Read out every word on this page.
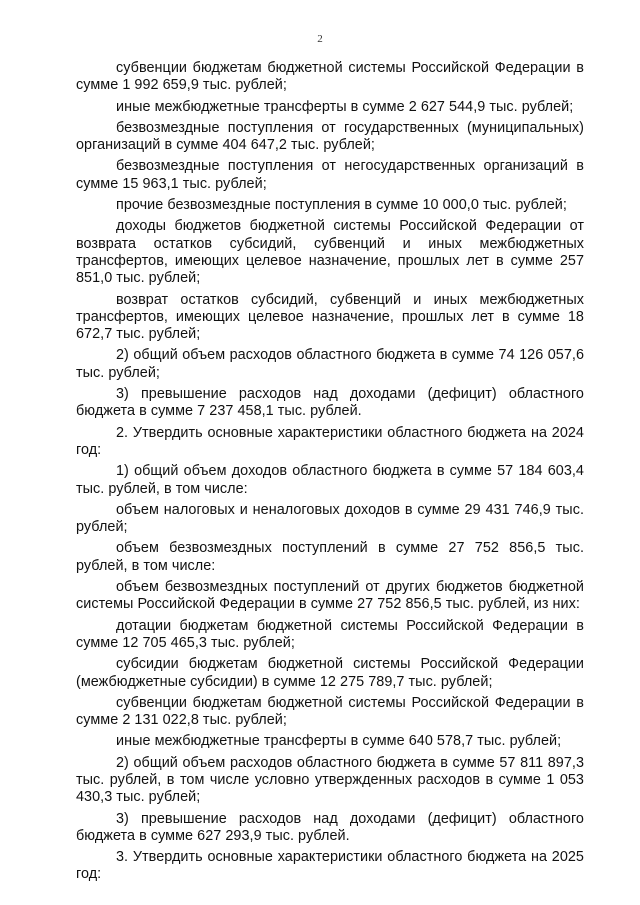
2

субвенции бюджетам бюджетной системы Российской Федерации в сумме 1 992 659,9 тыс. рублей;

иные межбюджетные трансферты в сумме 2 627 544,9 тыс. рублей;

безвозмездные поступления от государственных (муниципальных) организаций в сумме 404 647,2 тыс. рублей;

безвозмездные поступления от негосударственных организаций в сумме 15 963,1 тыс. рублей;

прочие безвозмездные поступления в сумме 10 000,0 тыс. рублей;

доходы бюджетов бюджетной системы Российской Федерации от возврата остатков субсидий, субвенций и иных межбюджетных трансфертов, имеющих целевое назначение, прошлых лет в сумме 257 851,0 тыс. рублей;

возврат остатков субсидий, субвенций и иных межбюджетных трансфертов, имеющих целевое назначение, прошлых лет в сумме 18 672,7 тыс. рублей;

2) общий объем расходов областного бюджета в сумме 74 126 057,6 тыс. рублей;

3) превышение расходов над доходами (дефицит) областного бюджета в сумме 7 237 458,1 тыс. рублей.

2. Утвердить основные характеристики областного бюджета на 2024 год:

1) общий объем доходов областного бюджета в сумме 57 184 603,4 тыс. рублей, в том числе:

объем налоговых и неналоговых доходов в сумме 29 431 746,9 тыс. рублей;

объем безвозмездных поступлений в сумме 27 752 856,5 тыс. рублей, в том числе:

объем безвозмездных поступлений от других бюджетов бюджетной системы Российской Федерации в сумме 27 752 856,5 тыс. рублей, из них:

дотации бюджетам бюджетной системы Российской Федерации в сумме 12 705 465,3 тыс. рублей;

субсидии бюджетам бюджетной системы Российской Федерации (межбюджетные субсидии) в сумме 12 275 789,7 тыс. рублей;

субвенции бюджетам бюджетной системы Российской Федерации в сумме 2 131 022,8 тыс. рублей;

иные межбюджетные трансферты в сумме 640 578,7 тыс. рублей;

2) общий объем расходов областного бюджета в сумме 57 811 897,3 тыс. рублей, в том числе условно утвержденных расходов в сумме 1 053 430,3 тыс. рублей;

3) превышение расходов над доходами (дефицит) областного бюджета в сумме 627 293,9 тыс. рублей.

3. Утвердить основные характеристики областного бюджета на 2025 год:
